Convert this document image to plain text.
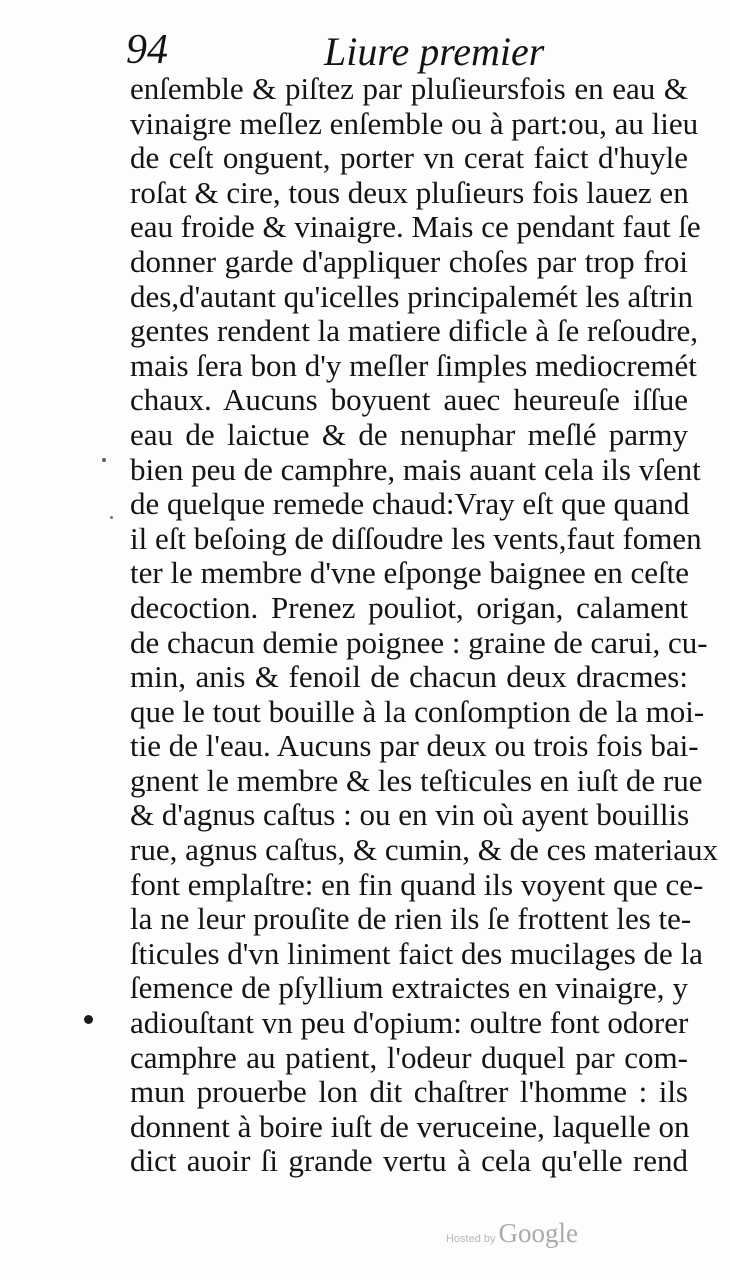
94	Liure premier
enſemble & piſtez par pluſieursfois en eau &
vinaigre meſlez enſemble ou à part:ou, au lieu
de ceſt onguent, porter vn cerat faict d'huyle
roſat & cire, tous deux pluſieurs fois lauez en
eau froide & vinaigre. Mais ce pendant faut ſe
donner garde d'appliquer choſes par trop froi
des,d'autant qu'icelles principalemét les aſtrin
gentes rendent la matiere dificle à ſe reſoudre,
mais ſera bon d'y meſler ſimples mediocremét
chaux. Aucuns boyuent auec heureuſe iſſue
eau de laictue & de nenuphar meſlé parmy
bien peu de camphre, mais auant cela ils vſent
de quelque remede chaud:Vray eſt que quand
il eſt beſoing de diſſoudre les vents,faut fomen
ter le membre d'vne eſponge baignee en ceſte
decoction. Prenez pouliot, origan, calament
de chacun demie poignee : graine de carui, cu-
min, anis & fenoil de chacun deux dracmes:
que le tout bouille à la conſomption de la moi-
tie de l'eau. Aucuns par deux ou trois fois bai-
gnent le membre & les teſticules en iuſt de rue
& d'agnus caſtus : ou en vin où ayent bouillis
rue, agnus caſtus, & cumin, & de ces materiaux
font emplaſtre: en fin quand ils voyent que ce-
la ne leur prouſite de rien ils ſe frottent les te-
ſticules d'vn liniment faict des mucilages de la
ſemence de pſyllium extraictes en vinaigre, y
adiouſtant vn peu d'opium: oultre font odorer
camphre au patient, l'odeur duquel par com-
mun prouerbe lon dit chaſtrer l'homme : ils
donnent à boire iuſt de veruceine, laquelle on
dict auoir ſi grande vertu à cela qu'elle rend
Hosted by Google
